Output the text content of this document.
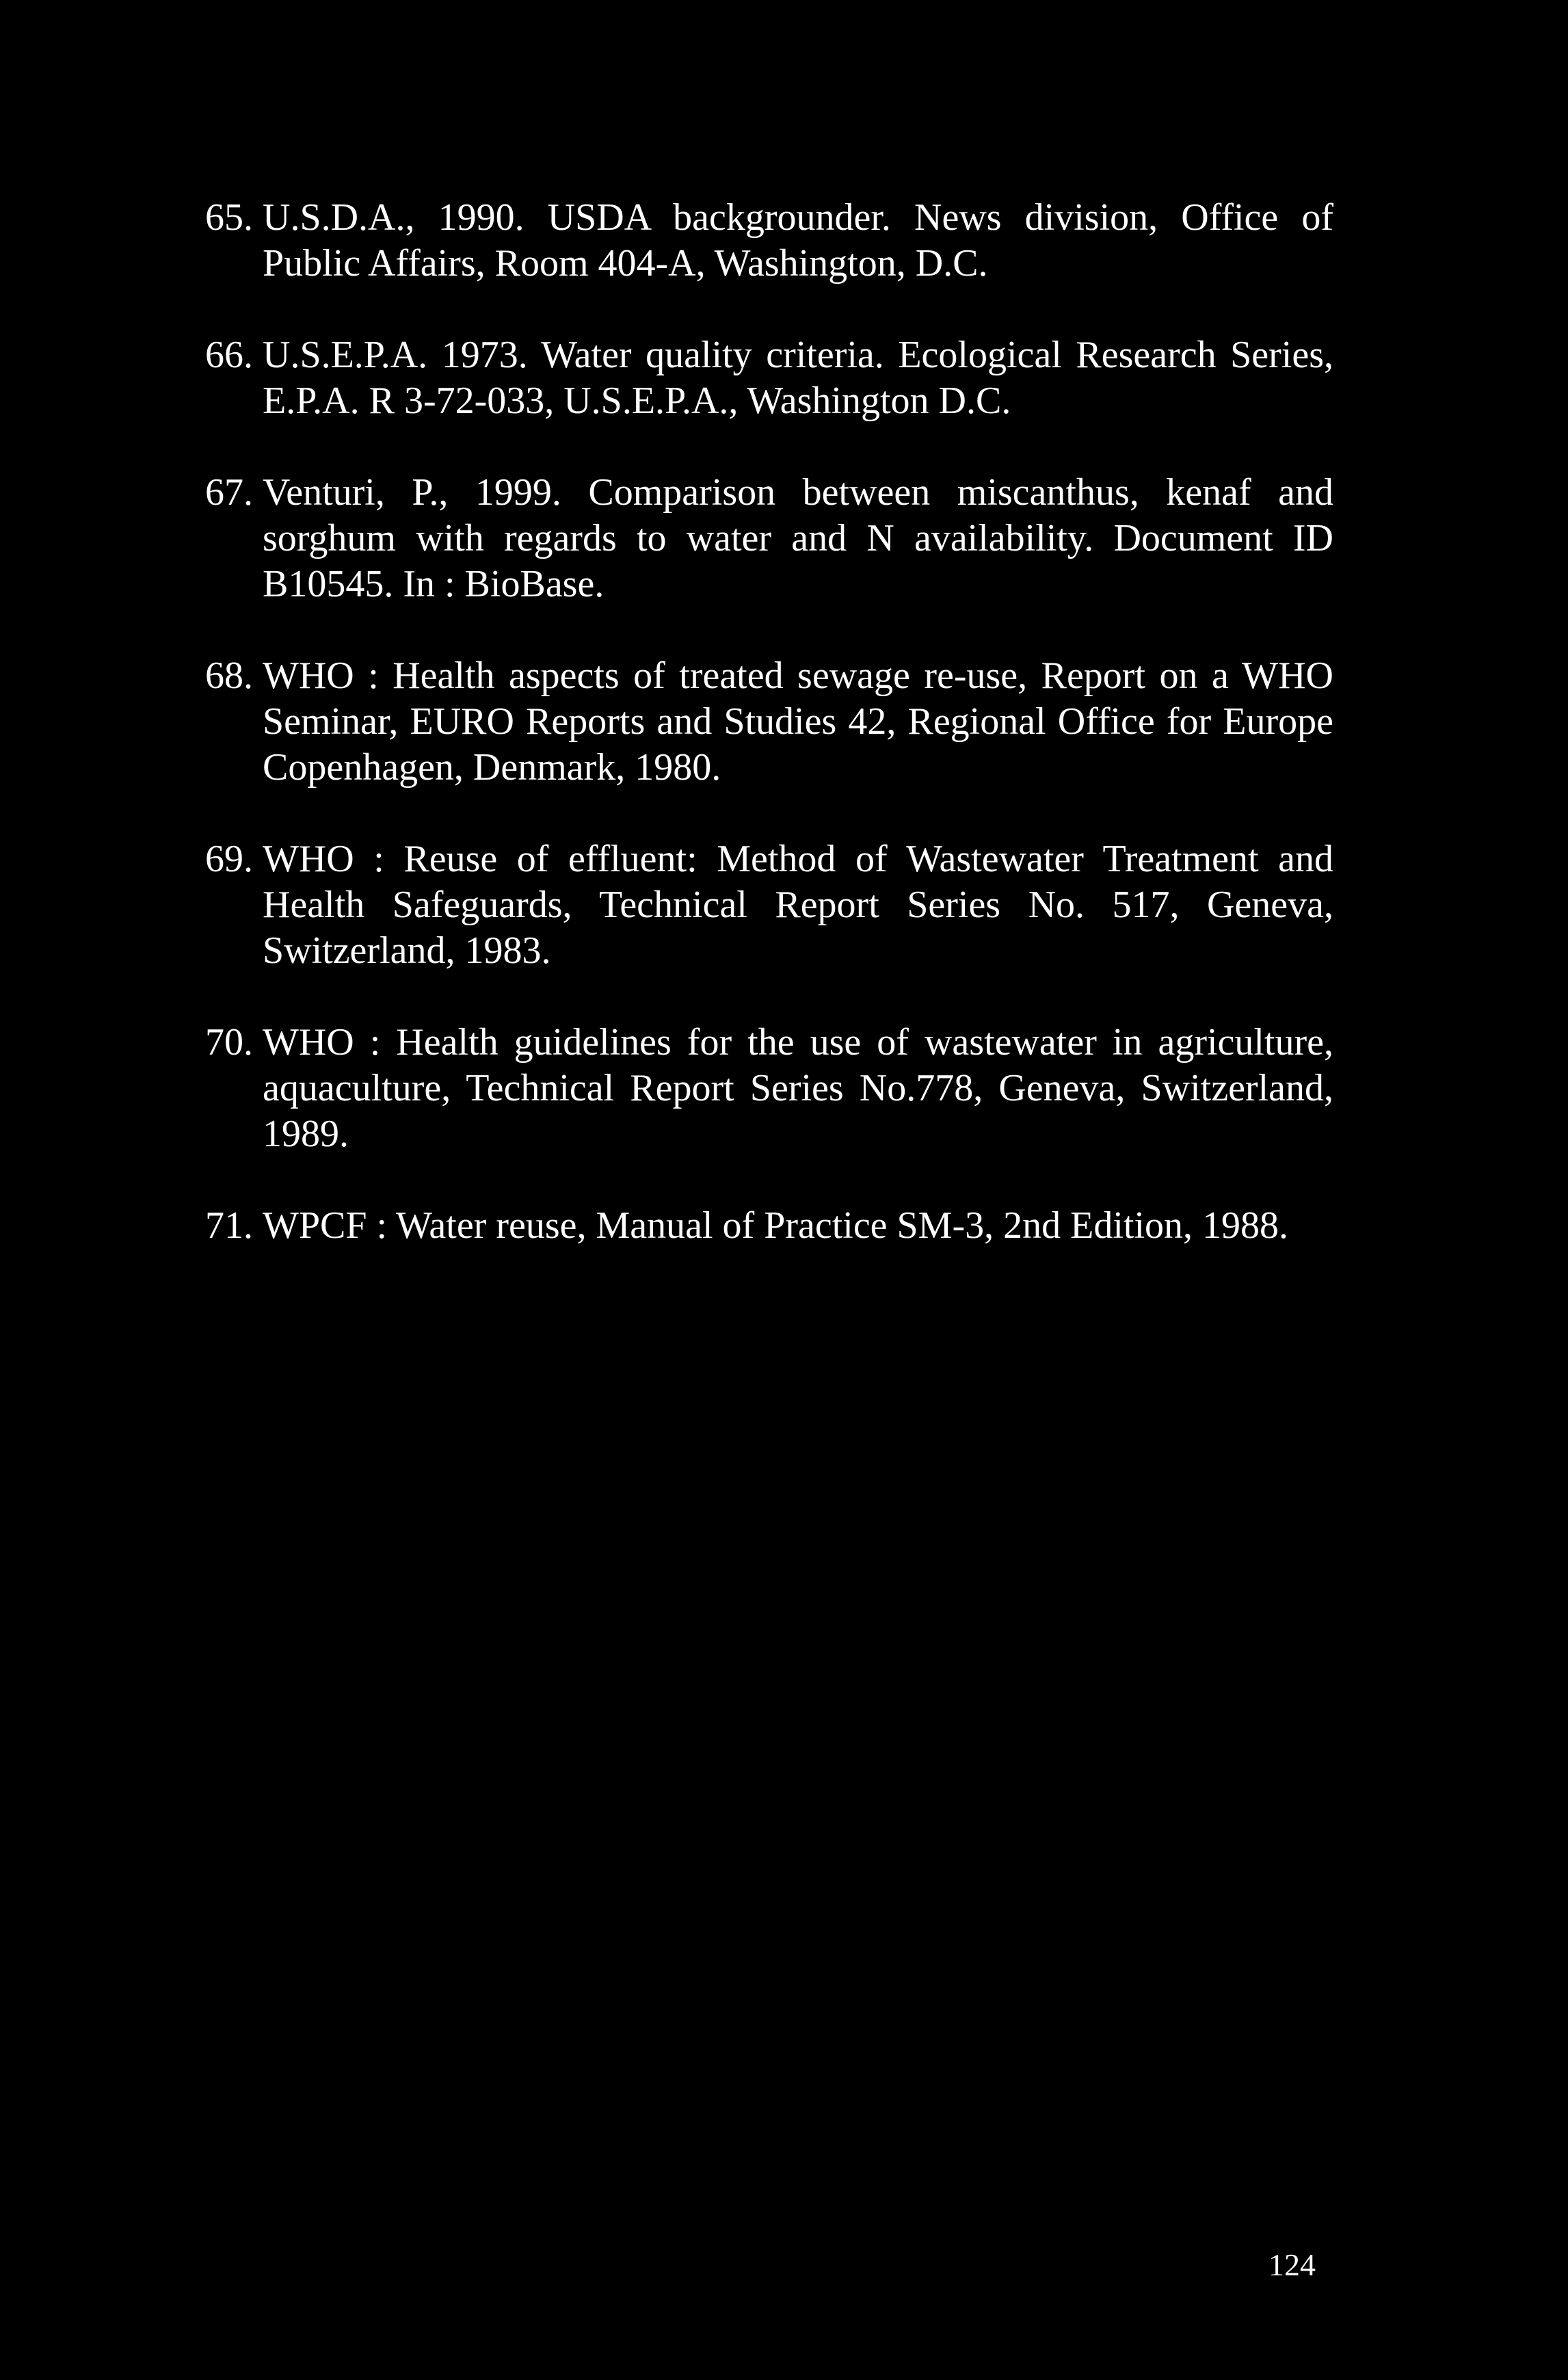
65. U.S.D.A., 1990. USDA backgrounder. News division, Office of Public Affairs, Room 404-A, Washington, D.C.
66. U.S.E.P.A. 1973. Water quality criteria. Ecological Research Series, E.P.A. R 3-72-033, U.S.E.P.A., Washington D.C.
67. Venturi, P., 1999. Comparison between miscanthus, kenaf and sorghum with regards to water and N availability. Document ID B10545. In : BioBase.
68. WHO : Health aspects of treated sewage re-use, Report on a WHO Seminar, EURO Reports and Studies 42, Regional Office for Europe Copenhagen, Denmark, 1980.
69. WHO : Reuse of effluent: Method of Wastewater Treatment and Health Safeguards, Technical Report Series No. 517, Geneva, Switzerland, 1983.
70. WHO : Health guidelines for the use of wastewater in agriculture, aquaculture, Technical Report Series No.778, Geneva, Switzerland, 1989.
71. WPCF : Water reuse, Manual of Practice SM-3, 2nd Edition, 1988.
124
